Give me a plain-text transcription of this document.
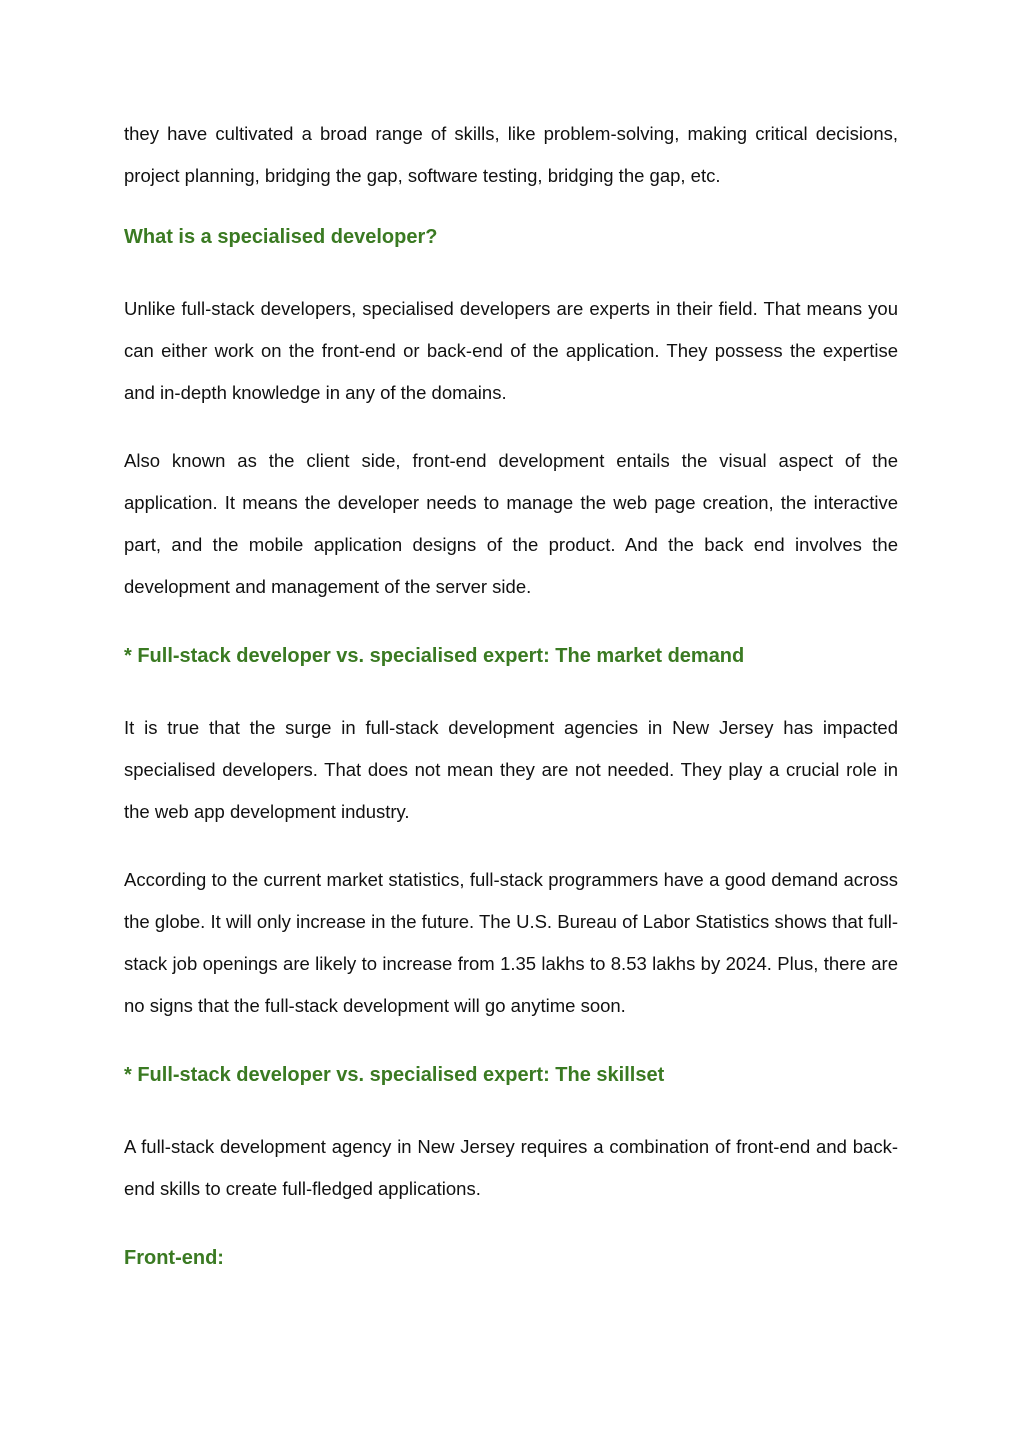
they have cultivated a broad range of skills, like problem-solving, making critical decisions, project planning, bridging the gap, software testing, bridging the gap, etc.

What is a specialised developer?

Unlike full-stack developers, specialised developers are experts in their field. That means you can either work on the front-end or back-end of the application. They possess the expertise and in-depth knowledge in any of the domains.

Also known as the client side, front-end development entails the visual aspect of the application. It means the developer needs to manage the web page creation, the interactive part, and the mobile application designs of the product. And the back end involves the development and management of the server side.

* Full-stack developer vs. specialised expert: The market demand

It is true that the surge in full-stack development agencies in New Jersey has impacted specialised developers. That does not mean they are not needed. They play a crucial role in the web app development industry.

According to the current market statistics, full-stack programmers have a good demand across the globe. It will only increase in the future. The U.S. Bureau of Labor Statistics shows that full-stack job openings are likely to increase from 1.35 lakhs to 8.53 lakhs by 2024. Plus, there are no signs that the full-stack development will go anytime soon.

* Full-stack developer vs. specialised expert: The skillset

A full-stack development agency in New Jersey requires a combination of front-end and back-end skills to create full-fledged applications.

Front-end:
